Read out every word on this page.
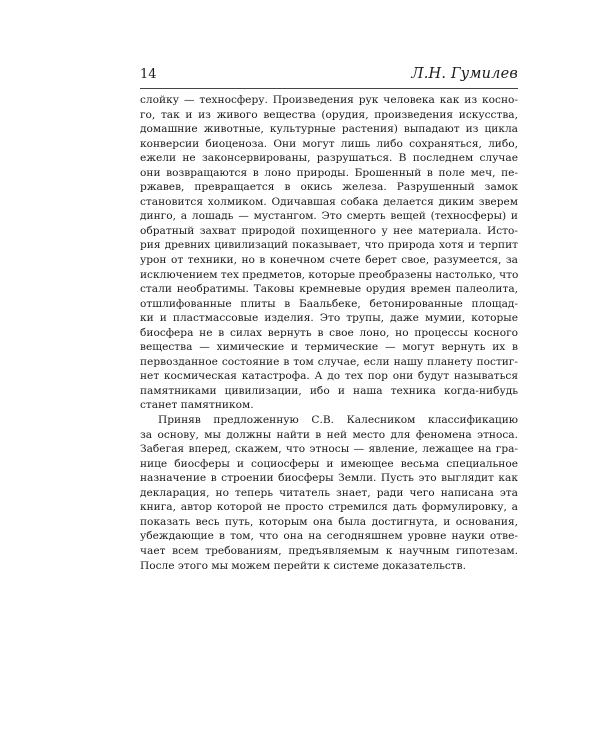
14	Л.Н. Гумилев
слойку — техносферу. Произведения рук человека как из косно-
го, так и из живого вещества (орудия, произведения искусства,
домашние животные, культурные растения) выпадают из цикла
конверсии биоценоза. Они могут лишь либо сохраняться, либо,
ежели не законсервированы, разрушаться. В последнем случае
они возвращаются в лоно природы. Брошенный в поле меч, пе-
ржавев, превращается в окись железа. Разрушенный замок
становится холмиком. Одичавшая собака делается диким зверем
динго, а лошадь — мустангом. Это смерть вещей (техносферы) и
обратный захват природой похищенного у нее материала. Исто-
рия древних цивилизаций показывает, что природа хотя и терпит
урон от техники, но в конечном счете берет свое, разумеется, за
исключением тех предметов, которые преобразены настолько, что
стали необратимы. Таковы кремневые орудия времен палеолита,
отшлифованные плиты в Баальбеке, бетонированные площад-
ки и пластмассовые изделия. Это трупы, даже мумии, которые
биосфера не в силах вернуть в свое лоно, но процессы косного
вещества — химические и термические — могут вернуть их в
первозданное состояние в том случае, если нашу планету постиг-
нет космическая катастрофа. А до тех пор они будут называться
памятниками цивилизации, ибо и наша техника когда-нибудь
станет памятником.
Приняв предложенную С.В. Калесником классификацию
за основу, мы должны найти в ней место для феномена этноса.
Забегая вперед, скажем, что этносы — явление, лежащее на гра-
нице биосферы и социосферы и имеющее весьма специальное
назначение в строении биосферы Земли. Пусть это выглядит как
декларация, но теперь читатель знает, ради чего написана эта
книга, автор которой не просто стремился дать формулировку, а
показать весь путь, которым она была достигнута, и основания,
убеждающие в том, что она на сегодняшнем уровне науки отве-
чает всем требованиям, предъявляемым к научным гипотезам.
После этого мы можем перейти к системе доказательств.
